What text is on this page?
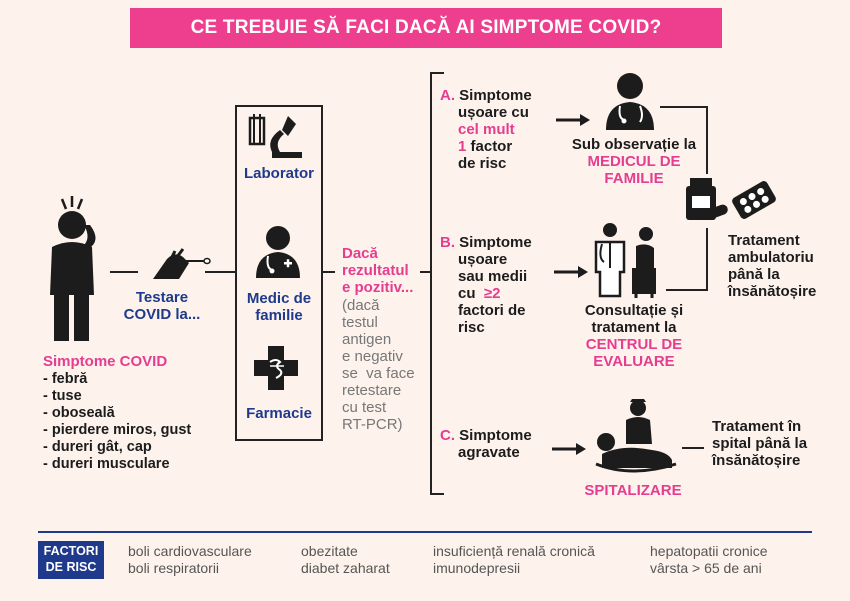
CE TREBUIE SĂ FACI DACĂ AI SIMPTOME COVID?
Simptome COVID
- febră
- tuse
- oboseală
- pierdere miros, gust
- dureri gât, cap
- dureri musculare
Testare
COVID la...
Laborator
Medic de
familie
Farmacie
Dacă
rezultatul
e pozitiv...
(dacă
testul
antigen
e negativ
se  va face
retestare
cu test
RT-PCR)
A. Simptome
ușoare cu
cel mult
1 factor
de risc
Sub observație la
MEDICUL DE
FAMILIE
Tratament
ambulatoriu
până la
însănătoșire
B. Simptome
ușoare
sau medii
cu  ≥2
factori de
risc
Consultație și
tratament la
CENTRUL DE
EVALUARE
C. Simptome
agravate
SPITALIZARE
Tratament în
spital până la
însănătoșire
FACTORI
DE RISC
boli cardiovasculare
boli respiratorii
obezitate
diabet zaharat
insuficiență renală cronică
imunodepresii
hepatopatii cronice
vârsta > 65 de ani
